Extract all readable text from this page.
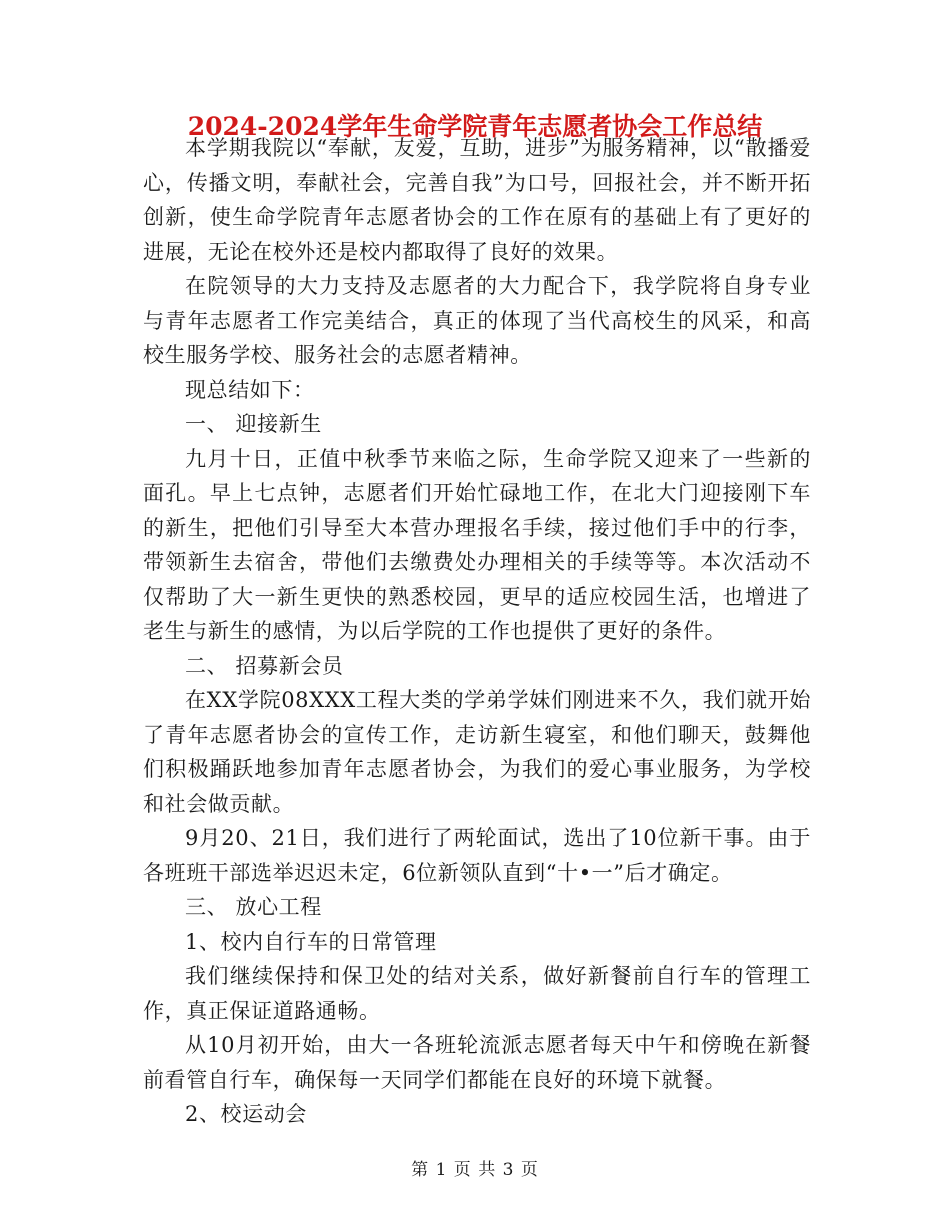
2024-2024学年生命学院青年志愿者协会工作总结

本学期我院以“奉献，友爱，互助，进步”为服务精神，以“散播爱心，传播文明，奉献社会，完善自我”为口号，回报社会，并不断开拓创新，使生命学院青年志愿者协会的工作在原有的基础上有了更好的进展，无论在校外还是校内都取得了良好的效果。

在院领导的大力支持及志愿者的大力配合下，我学院将自身专业与青年志愿者工作完美结合，真正的体现了当代高校生的风采，和高校生服务学校、服务社会的志愿者精神。

现总结如下：

一、 迎接新生

九月十日，正值中秋季节来临之际，生命学院又迎来了一些新的面孔。早上七点钟，志愿者们开始忙碌地工作，在北大门迎接刚下车的新生，把他们引导至大本营办理报名手续，接过他们手中的行李，带领新生去宿舍，带他们去缴费处办理相关的手续等等。本次活动不仅帮助了大一新生更快的熟悉校园，更早的适应校园生活，也增进了老生与新生的感情，为以后学院的工作也提供了更好的条件。

二、 招募新会员

在XX学院08XXX工程大类的学弟学妹们刚进来不久，我们就开始了青年志愿者协会的宣传工作，走访新生寝室，和他们聊天，鼓舞他们积极踊跃地参加青年志愿者协会，为我们的爱心事业服务，为学校和社会做贡献。

9月20、21日，我们进行了两轮面试，选出了10位新干事。由于各班班干部选举迟迟未定，6位新领队直到“十•一”后才确定。

三、 放心工程

1、校内自行车的日常管理

我们继续保持和保卫处的结对关系，做好新餐前自行车的管理工作，真正保证道路通畅。

从10月初开始，由大一各班轮流派志愿者每天中午和傍晚在新餐前看管自行车，确保每一天同学们都能在良好的环境下就餐。

2、校运动会

第 1 页 共 3 页
